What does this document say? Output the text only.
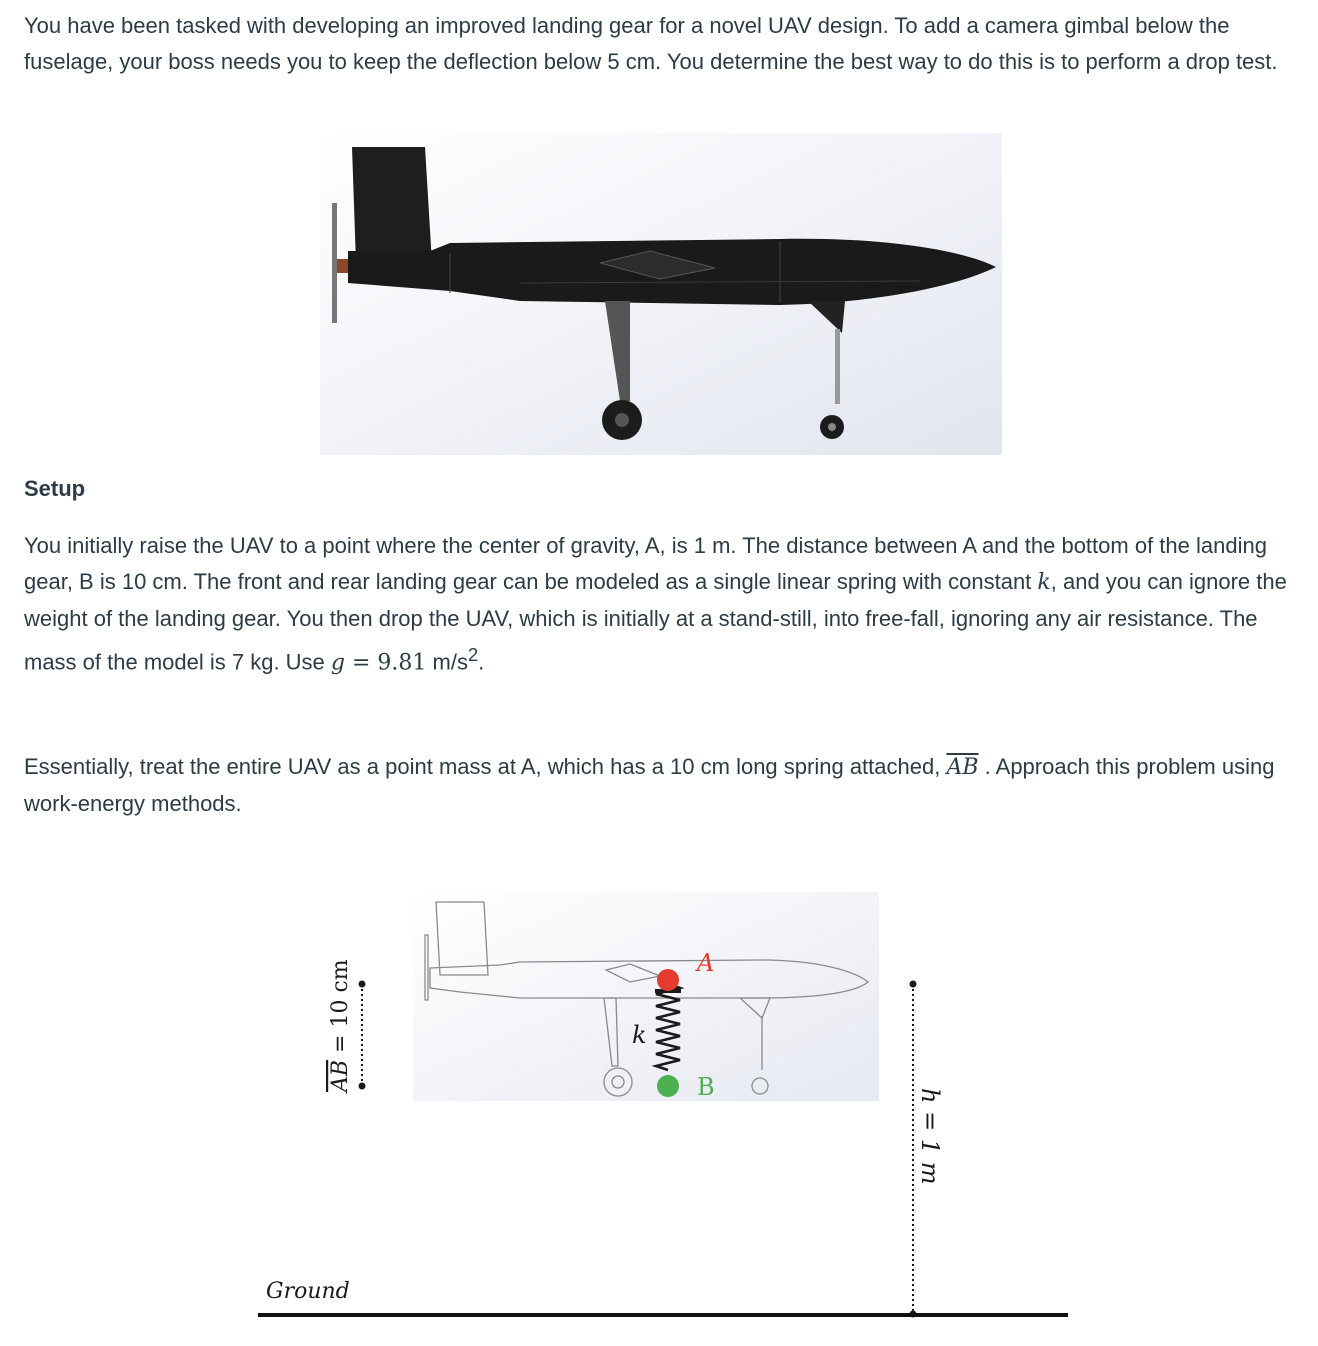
You have been tasked with developing an improved landing gear for a novel UAV design. To add a camera gimbal below the fuselage, your boss needs you to keep the deflection below 5 cm. You determine the best way to do this is to perform a drop test.

Setup

You initially raise the UAV to a point where the center of gravity, A, is 1 m. The distance between A and the bottom of the landing gear, B is 10 cm. The front and rear landing gear can be modeled as a single linear spring with constant k, and you can ignore the weight of the landing gear. You then drop the UAV, which is initially at a stand-still, into free-fall, ignoring any air resistance. The mass of the model is 7 kg. Use g = 9.81 $m/s^2$.

Essentially, treat the entire UAV as a point mass at A, which has a 10 cm long spring attached, $\overline{AB}$ . Approach this problem using work-energy methods.

A
B
k
AB = 10 cm
h = 1 m
Ground
